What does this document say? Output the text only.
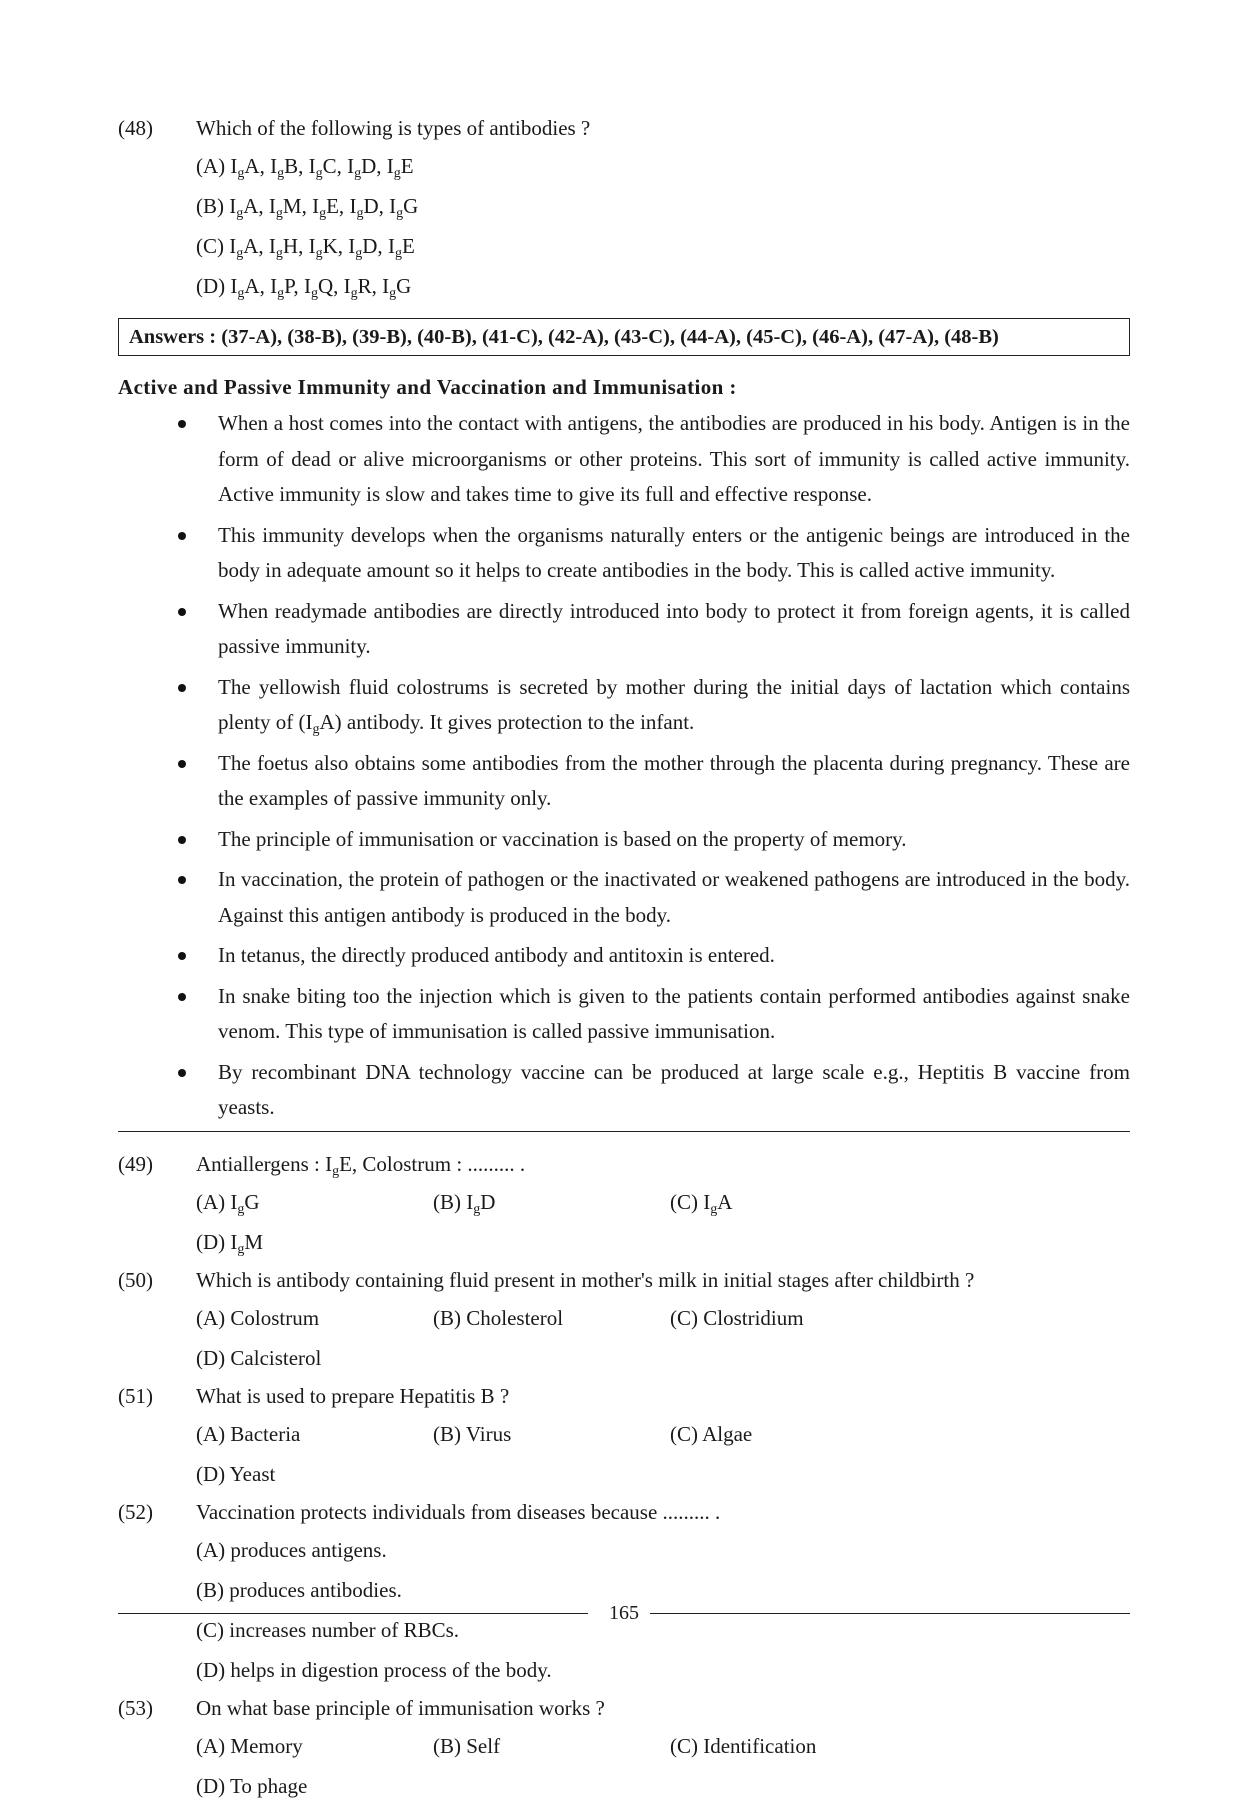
(48)	Which of the following is types of antibodies ?
(A) $I_gA$, $I_gB$, $I_gC$, $I_gD$, $I_gE$
(B) $I_gA$, $I_gM$, $I_gE$, $I_gD$, $I_gG$
(C) $I_gA$, $I_gH$, $I_gK$, $I_gD$, $I_gE$
(D) $I_gA$, $I_gP$, $I_gQ$, $I_gR$, $I_gG$
Answers : (37-A), (38-B), (39-B), (40-B), (41-C), (42-A), (43-C), (44-A), (45-C), (46-A), (47-A), (48-B)
Active and Passive Immunity and Vaccination and Immunisation :
When a host comes into the contact with antigens, the antibodies are produced in his body. Antigen is in the form of dead or alive microorganisms or other proteins. This sort of immunity is called active immunity. Active immunity is slow and takes time to give its full and effective response.
This immunity develops when the organisms naturally enters or the antigenic beings are introduced in the body in adequate amount so it helps to create antibodies in the body. This is called active immunity.
When readymade antibodies are directly introduced into body to protect it from foreign agents, it is called passive immunity.
The yellowish fluid colostrums is secreted by mother during the initial days of lactation which contains plenty of $(I_gA)$ antibody. It gives protection to the infant.
The foetus also obtains some antibodies from the mother through the placenta during pregnancy. These are the examples of passive immunity only.
The principle of immunisation or vaccination is based on the property of memory.
In vaccination, the protein of pathogen or the inactivated or weakened pathogens are introduced in the body. Against this antigen antibody is produced in the body.
In tetanus, the directly produced antibody and antitoxin is entered.
In snake biting too the injection which is given to the patients contain performed antibodies against snake venom. This type of immunisation is called passive immunisation.
By recombinant DNA technology vaccine can be produced at large scale e.g., Heptitis B vaccine from yeasts.
(49)	Antiallergens : $I_gE$, Colostrum : ......... .
(A) $I_gG$	(B) $I_gD$	(C) $I_gA$
(D) $I_gM$
(50)	Which is antibody containing fluid present in mother's milk in initial stages after childbirth ?
(A) Colostrum	(B) Cholesterol	(C) Clostridium
(D) Calcisterol
(51)	What is used to prepare Hepatitis B ?
(A) Bacteria	(B) Virus	(C) Algae
(D) Yeast
(52)	Vaccination protects individuals from diseases because ......... .
(A) produces antigens.
(B) produces antibodies.
(C) increases number of RBCs.
(D) helps in digestion process of the body.
(53)	On what base principle of immunisation works ?
(A) Memory	(B) Self	(C) Identification
(D) To phage
165
